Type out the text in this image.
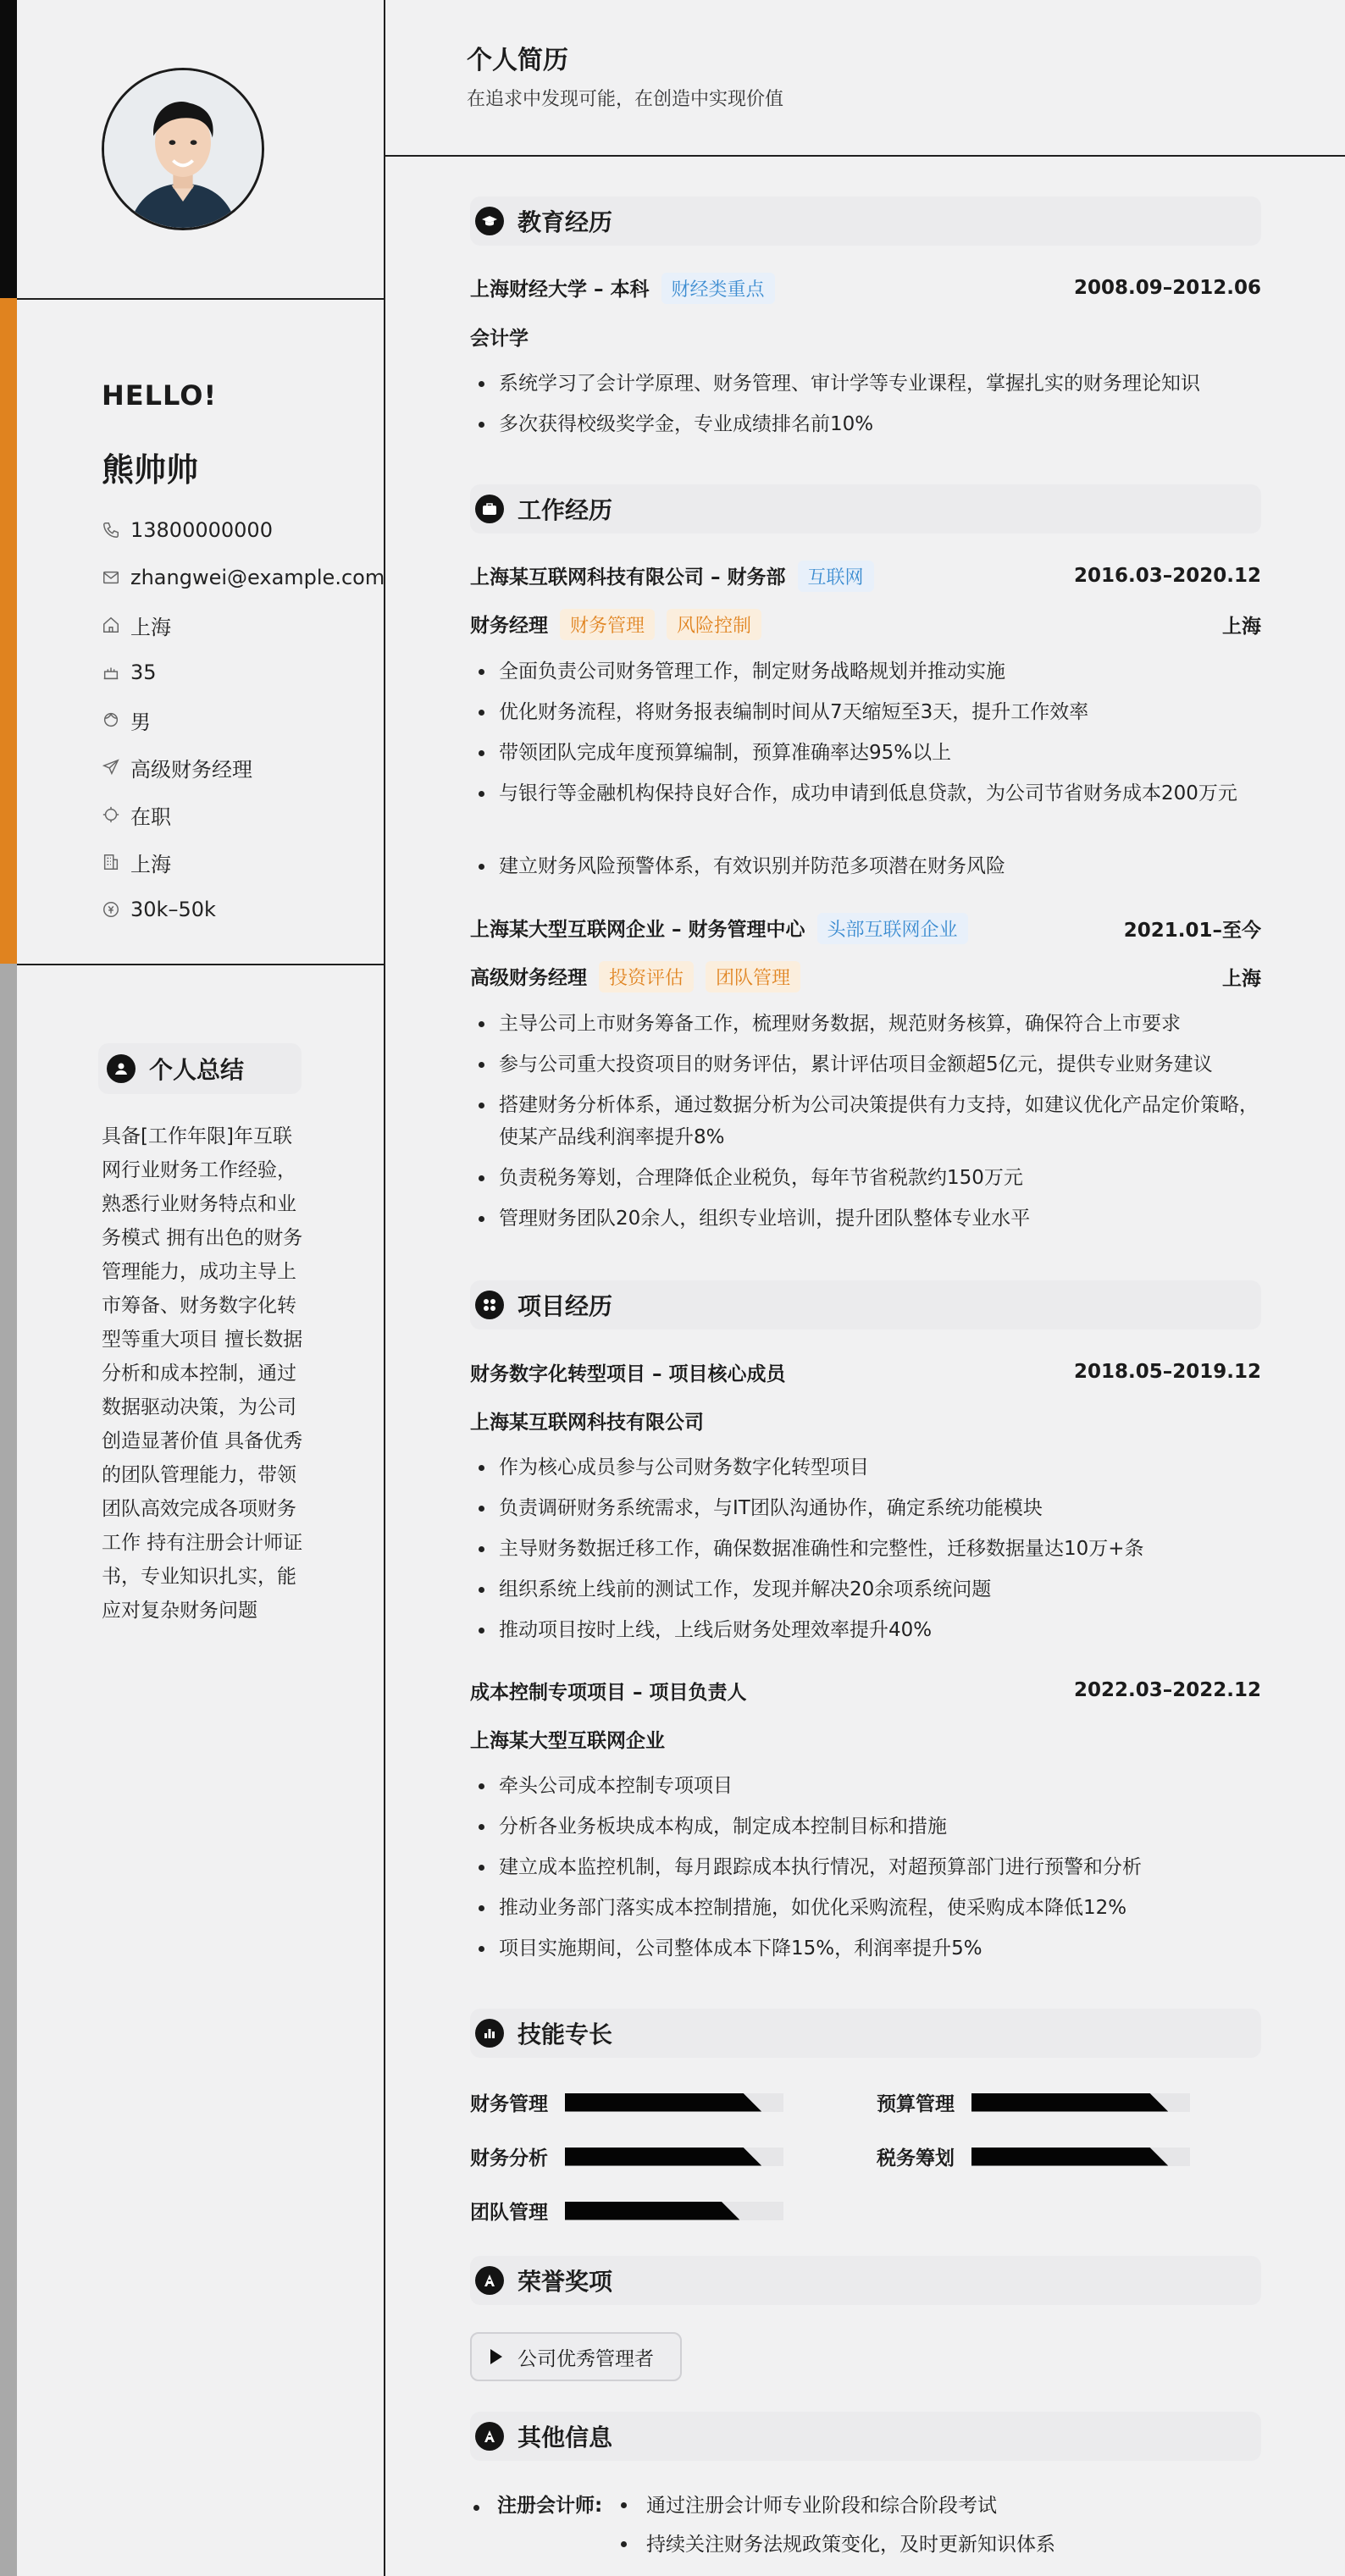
HELLO!
熊帅帅
13800000000
zhangwei@example.com
上海
35
男
高级财务经理
在职
上海
30k–50k
个人总结
具备[工作年限]年互联网行业财务工作经验，熟悉行业财务特点和业务模式 拥有出色的财务管理能力，成功主导上市筹备、财务数字化转型等重大项目 擅长数据分析和成本控制，通过数据驱动决策，为公司创造显著价值 具备优秀的团队管理能力，带领团队高效完成各项财务工作 持有注册会计师证书，专业知识扎实，能应对复杂财务问题
个人简历
在追求中发现可能，在创造中实现价值
教育经历
上海财经大学 – 本科 财经类重点	2008.09–2012.06
会计学
系统学习了会计学原理、财务管理、审计学等专业课程，掌握扎实的财务理论知识
多次获得校级奖学金，专业成绩排名前10%
工作经历
上海某互联网科技有限公司 – 财务部 互联网	2016.03–2020.12
财务经理 财务管理 风险控制	上海
全面负责公司财务管理工作，制定财务战略规划并推动实施
优化财务流程，将财务报表编制时间从7天缩短至3天，提升工作效率
带领团队完成年度预算编制，预算准确率达95%以上
与银行等金融机构保持良好合作，成功申请到低息贷款，为公司节省财务成本200万元
建立财务风险预警体系，有效识别并防范多项潜在财务风险
上海某大型互联网企业 – 财务管理中心 头部互联网企业	2021.01–至今
高级财务经理 投资评估 团队管理	上海
主导公司上市财务筹备工作，梳理财务数据，规范财务核算，确保符合上市要求
参与公司重大投资项目的财务评估，累计评估项目金额超5亿元，提供专业财务建议
搭建财务分析体系，通过数据分析为公司决策提供有力支持，如建议优化产品定价策略，使某产品线利润率提升8%
负责税务筹划，合理降低企业税负，每年节省税款约150万元
管理财务团队20余人，组织专业培训，提升团队整体专业水平
项目经历
财务数字化转型项目 – 项目核心成员	2018.05–2019.12
上海某互联网科技有限公司
作为核心成员参与公司财务数字化转型项目
负责调研财务系统需求，与IT团队沟通协作，确定系统功能模块
主导财务数据迁移工作，确保数据准确性和完整性，迁移数据量达10万+条
组织系统上线前的测试工作，发现并解决20余项系统问题
推动项目按时上线，上线后财务处理效率提升40%
成本控制专项项目 – 项目负责人	2022.03–2022.12
上海某大型互联网企业
牵头公司成本控制专项项目
分析各业务板块成本构成，制定成本控制目标和措施
建立成本监控机制，每月跟踪成本执行情况，对超预算部门进行预警和分析
推动业务部门落实成本控制措施，如优化采购流程，使采购成本降低12%
项目实施期间，公司整体成本下降15%，利润率提升5%
技能专长
财务管理	预算管理
财务分析	税务筹划
团队管理
荣誉奖项
公司优秀管理者
其他信息
注册会计师: 通过注册会计师专业阶段和综合阶段考试
持续关注财务法规政策变化，及时更新知识体系
